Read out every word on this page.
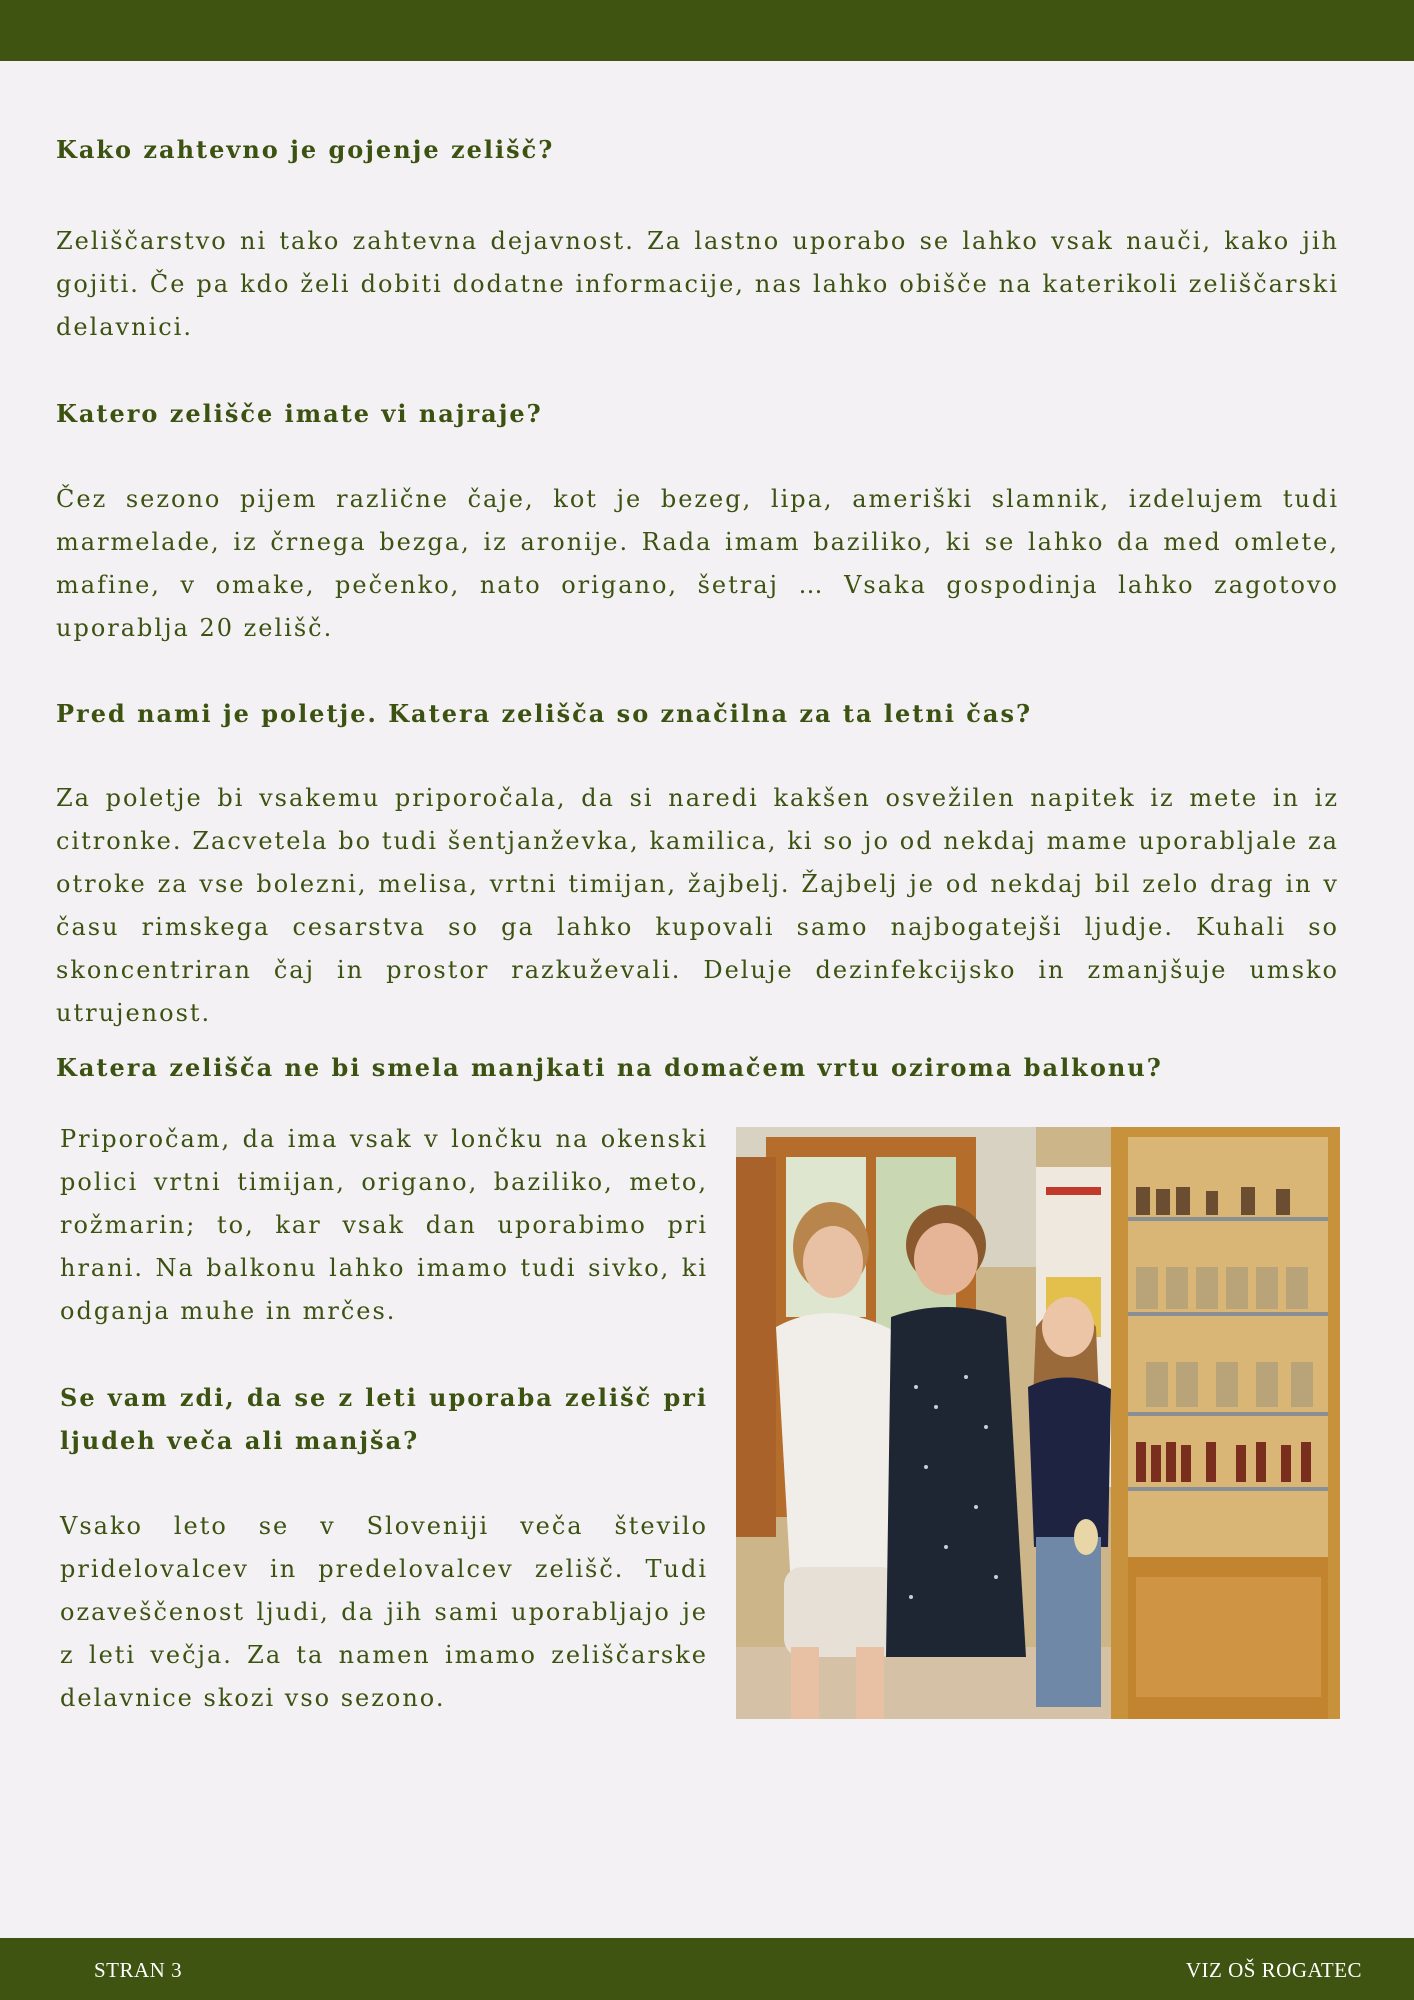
Kako zahtevno je gojenje zelišč?

Zeliščarstvo ni tako zahtevna dejavnost. Za lastno uporabo se lahko vsak nauči, kako jih gojiti. Če pa kdo želi dobiti dodatne informacije, nas lahko obišče na katerikoli zeliščarski delavnici.

Katero zelišče imate vi najraje?

Čez sezono pijem različne čaje, kot je bezeg, lipa, ameriški slamnik, izdelujem tudi marmelade, iz črnega bezga, iz aronije. Rada imam baziliko, ki se lahko da med omlete, mafine, v omake, pečenko, nato origano, šetraj … Vsaka gospodinja lahko zagotovo uporablja 20 zelišč.

Pred nami je poletje. Katera zelišča so značilna za ta letni čas?

Za poletje bi vsakemu priporočala, da si naredi kakšen osvežilen napitek iz mete in iz citronke. Zacvetela bo tudi šentjanževka, kamilica, ki so jo od nekdaj mame uporabljale za otroke za vse bolezni, melisa, vrtni timijan, žajbelj. Žajbelj je od nekdaj bil zelo drag in v času rimskega cesarstva so ga lahko kupovali samo najbogatejši ljudje. Kuhali so skoncentriran čaj in prostor razkuževali. Deluje dezinfekcijsko in zmanjšuje umsko utrujenost.

Katera zelišča ne bi smela manjkati na domačem vrtu oziroma balkonu?

Priporočam, da ima vsak v lončku na okenski polici vrtni timijan, origano, baziliko, meto, rožmarin; to, kar vsak dan uporabimo pri hrani. Na balkonu lahko imamo tudi sivko, ki odganja muhe in mrčes.

Se vam zdi, da se z leti uporaba zelišč pri ljudeh veča ali manjša?

Vsako leto se v Sloveniji veča število pridelovalcev in predelovalcev zelišč. Tudi ozaveščenost ljudi, da jih sami uporabljajo je z leti večja. Za ta namen imamo zeliščarske delavnice skozi vso sezono.

STRAN 3	VIZ OŠ ROGATEC
